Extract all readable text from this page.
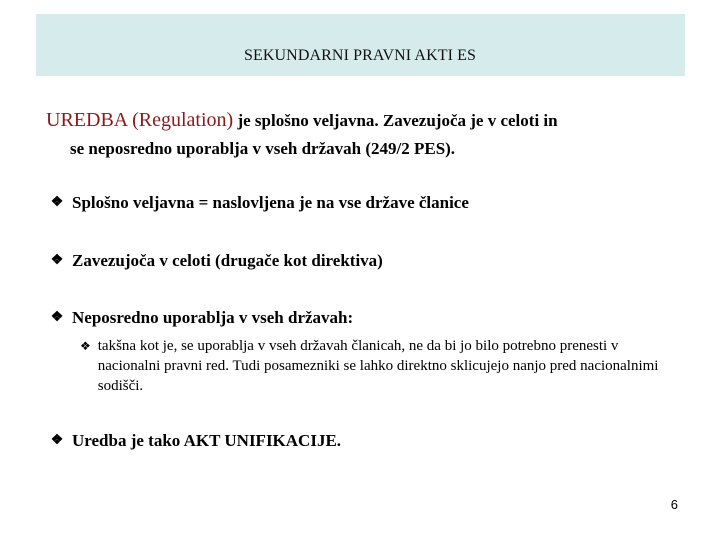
SEKUNDARNI PRAVNI AKTI ES
UREDBA (Regulation) je splošno veljavna. Zavezujoča je v celoti in
se neposredno uporablja v vseh državah (249/2 PES).
❖ Splošno veljavna = naslovljena je na vse države članice
❖ Zavezujoča v celoti (drugače kot direktiva)
❖ Neposredno uporablja v vseh državah:
❖ takšna kot je, se uporablja v vseh državah članicah, ne da bi jo bilo potrebno prenesti v nacionalni pravni red. Tudi posamezniki se lahko direktno sklicujejo nanjo pred nacionalnimi sodišči.
❖ Uredba je tako AKT UNIFIKACIJE.
6
